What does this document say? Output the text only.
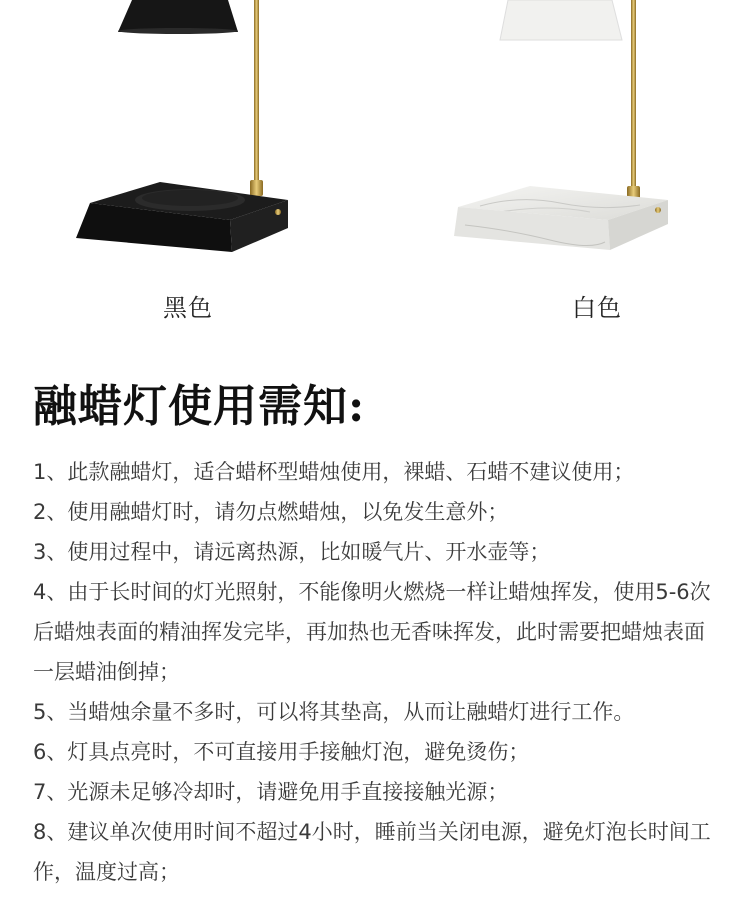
黑色	白色
融蜡灯使用需知:
1、此款融蜡灯，适合蜡杯型蜡烛使用，裸蜡、石蜡不建议使用；
2、使用融蜡灯时，请勿点燃蜡烛，以免发生意外；
3、使用过程中，请远离热源，比如暖气片、开水壶等；
4、由于长时间的灯光照射，不能像明火燃烧一样让蜡烛挥发，使用5-6次后蜡烛表面的精油挥发完毕，再加热也无香味挥发，此时需要把蜡烛表面一层蜡油倒掉；
5、当蜡烛余量不多时，可以将其垫高，从而让融蜡灯进行工作。
6、灯具点亮时，不可直接用手接触灯泡，避免烫伤；
7、光源未足够冷却时，请避免用手直接接触光源；
8、建议单次使用时间不超过4小时，睡前当关闭电源，避免灯泡长时间工作，温度过高；
